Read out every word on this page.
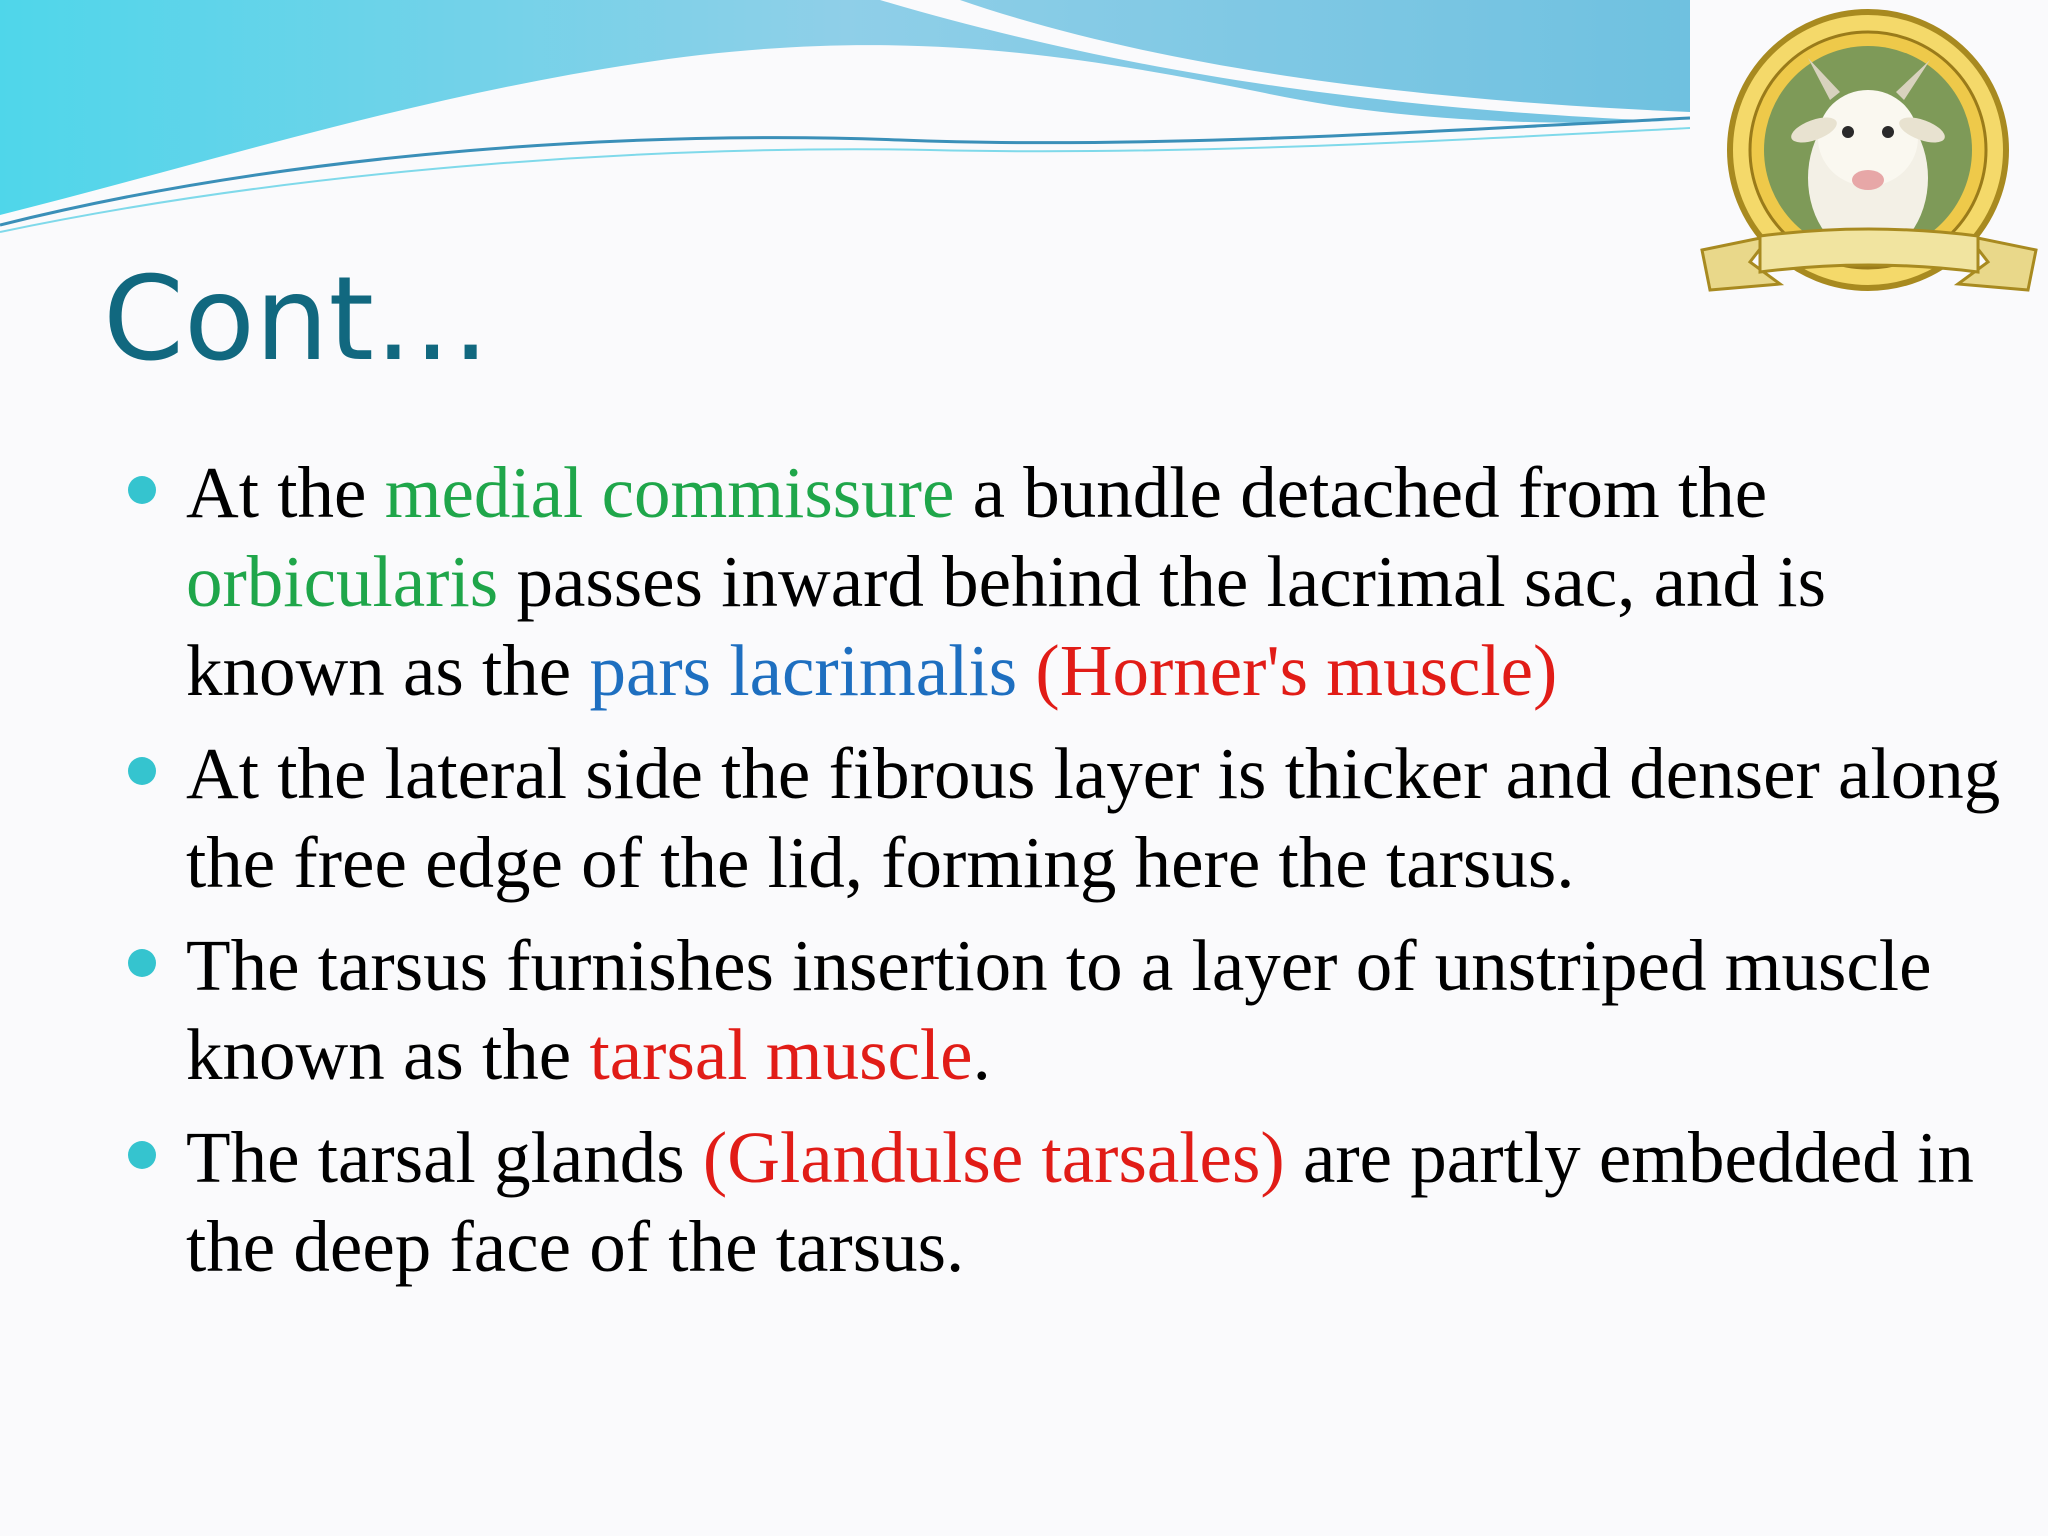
Cont…
At the medial commissure a bundle detached from the orbicularis passes inward behind the lacrimal sac, and is known as the pars lacrimalis (Horner's muscle)
At the lateral side the fibrous layer is thicker and denser along the free edge of the lid, forming here the tarsus.
The tarsus furnishes insertion to a layer of unstriped muscle known as the tarsal muscle.
The tarsal glands (Glandulse tarsales) are partly embedded in the deep face of the tarsus.
